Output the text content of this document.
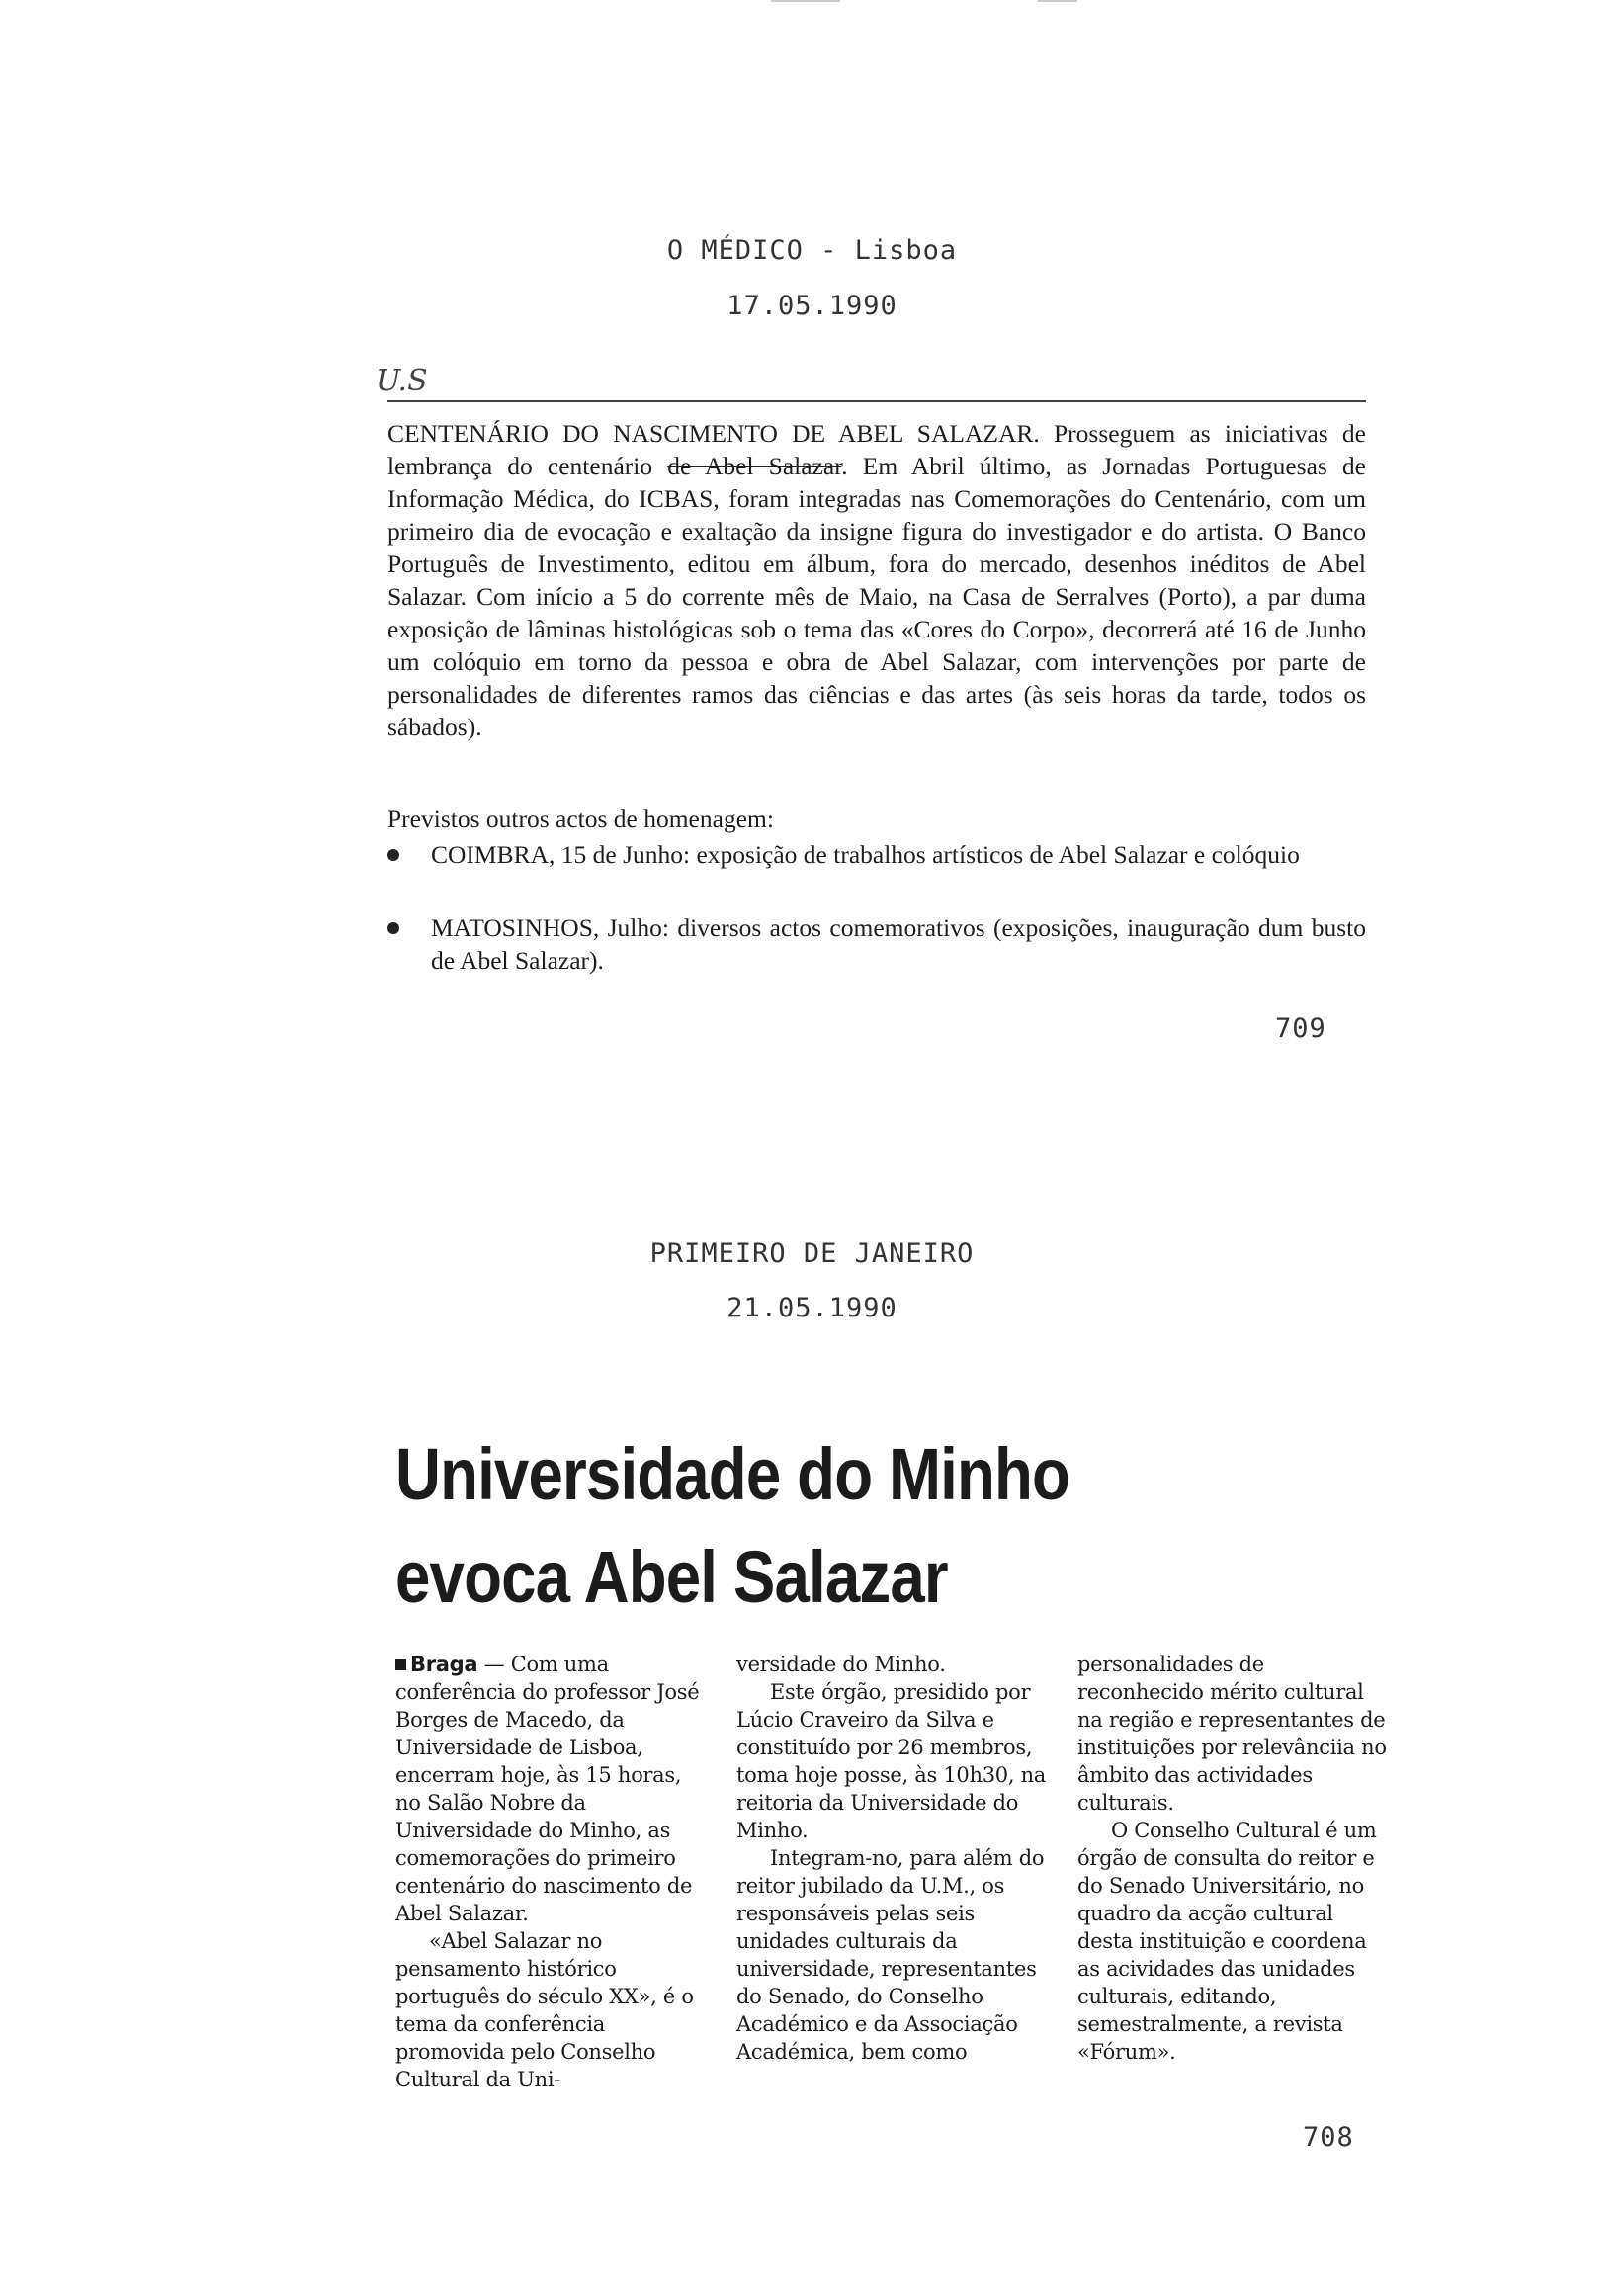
O MÉDICO - Lisboa
17.05.1990
U.S
CENTENÁRIO DO NASCIMENTO DE ABEL SALAZAR. Prosseguem as iniciativas de lembrança do centenário de Abel Salazar. Em Abril último, as Jornadas Portuguesas de Informação Médica, do ICBAS, foram integradas nas Comemorações do Centenário, com um primeiro dia de evocação e exaltação da insigne figura do investigador e do artista. O Banco Português de Investimento, editou em álbum, fora do mercado, desenhos inéditos de Abel Salazar. Com início a 5 do corrente mês de Maio, na Casa de Serralves (Porto), a par duma exposição de lâminas histológicas sob o tema das «Cores do Corpo», decorrerá até 16 de Junho um colóquio em torno da pessoa e obra de Abel Salazar, com intervenções por parte de personalidades de diferentes ramos das ciências e das artes (às seis horas da tarde, todos os sábados).
Previstos outros actos de homenagem:
COIMBRA, 15 de Junho: exposição de trabalhos artísticos de Abel Salazar e colóquio
MATOSINHOS, Julho: diversos actos comemorativos (exposições, inauguração dum busto de Abel Salazar).
709
PRIMEIRO DE JANEIRO
21.05.1990
Universidade do Minho
evoca Abel Salazar

Braga — Com uma conferência do professor José Borges de Macedo, da Universidade de Lisboa, encerram hoje, às 15 horas, no Salão Nobre da Universidade do Minho, as comemorações do primeiro centenário do nascimento de Abel Salazar.

«Abel Salazar no pensamento histórico português do século XX», é o tema da conferência promovida pelo Conselho Cultural da Uni-

versidade do Minho.

Este órgão, presidido por Lúcio Craveiro da Silva e constituído por 26 membros, toma hoje posse, às 10h30, na reitoria da Universidade do Minho.

Integram-no, para além do reitor jubilado da U.M., os responsáveis pelas seis unidades culturais da universidade, representantes do Senado, do Conselho Académico e da Associação Académica, bem como

personalidades de reconhecido mérito cultural na região e representantes de instituições por relevânciia no âmbito das actividades culturais.

O Conselho Cultural é um órgão de consulta do reitor e do Senado Universitário, no quadro da acção cultural desta instituição e coordena as acividades das unidades culturais, editando, semestralmente, a revista «Fórum».

708
